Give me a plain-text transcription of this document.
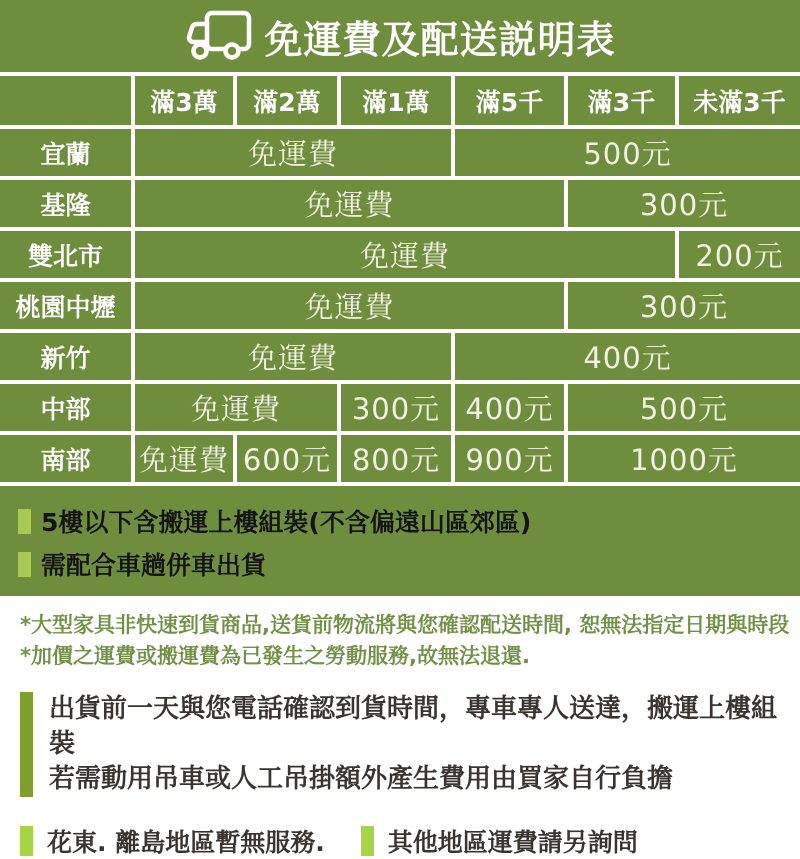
免運費及配送説明表
	滿3萬	滿2萬	滿1萬	滿5千	滿3千	未滿3千
宜蘭	免運費			500元		
基隆	免運費				300元	
雙北市	免運費					200元
桃園中壢	免運費				300元	
新竹	免運費			400元		
中部	免運費		300元	400元	500元	
南部	免運費	600元	800元	900元	1000元	
5樓以下含搬運上樓組裝(不含偏遠山區郊區)
需配合車趟併車出貨
*大型家具非快速到貨商品,送貨前物流將與您確認配送時間, 恕無法指定日期與時段
*加價之運費或搬運費為已發生之勞動服務,故無法退還.
出貨前一天與您電話確認到貨時間，專車專人送達，搬運上樓組裝
若需動用吊車或人工吊掛額外產生費用由買家自行負擔
花東. 離島地區暫無服務.	其他地區運費請另詢問
